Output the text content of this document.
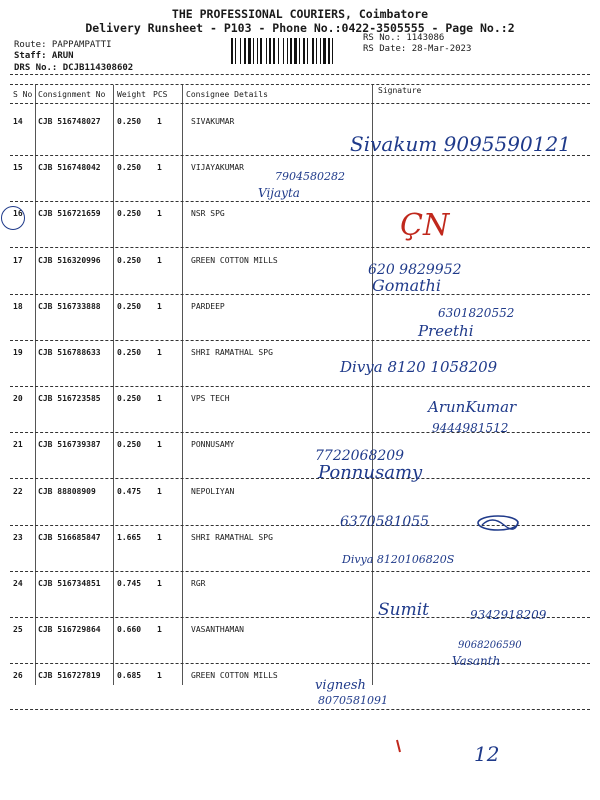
THE PROFESSIONAL COURIERS, Coimbatore
Delivery Runsheet - P103 - Phone No.:0422-3505555 - Page No.:2
Route: PAPPAMPATTI
Staff: ARUN
DRS No.: DCJB114308602
RS No.: 1143086
RS Date: 28-Mar-2023
S No Consignment No Weight PCS Consignee Details	Signature
14 CJB 516748027 0.250 1	SIVAKUMAR
15 CJB 516748042 0.250 1	VIJAYAKUMAR
16 CJB 516721659 0.250 1	NSR SPG
17 CJB 516320996 0.250 1	GREEN COTTON MILLS
18 CJB 516733888 0.250 1	PARDEEP
19 CJB 516788633 0.250 1	SHRI RAMATHAL SPG
20 CJB 516723585 0.250 1	VPS TECH
21 CJB 516739387 0.250 1	PONNUSAMY
22 CJB 88808909	0.475 1	NEPOLIYAN
23 CJB 516685847 1.665 1	SHRI RAMATHAL SPG
24 CJB 516734851 0.745 1	RGR
25 CJB 516729864 0.660 1	VASANTHAMAN
26 CJB 516727819 0.685 1	GREEN COTTON MILLS
Sivakum 9095590121
7904580282
Vijayta
ÇN
620 9829952
Gomathi
6301820552
Preethi
Divya 8120 1058209
ArunKumar
9444981512
7722068209
Ponnusamy
6370581055
Divya 8120106820S
Sumit	9342918209
9068206590
Vasanth
vignesh
8070581091
12
